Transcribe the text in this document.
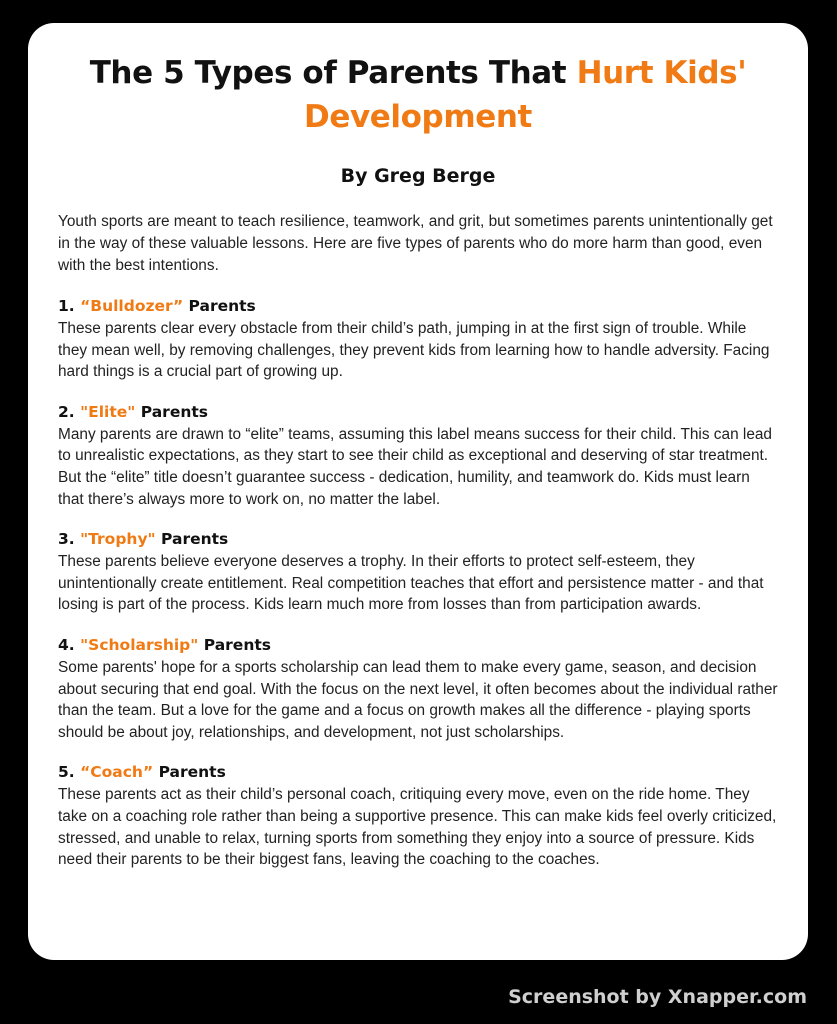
The 5 Types of Parents That Hurt Kids' Development
By Greg Berge

Youth sports are meant to teach resilience, teamwork, and grit, but sometimes parents unintentionally get in the way of these valuable lessons. Here are five types of parents who do more harm than good, even with the best intentions.

1. “Bulldozer” Parents

These parents clear every obstacle from their child’s path, jumping in at the first sign of trouble. While they mean well, by removing challenges, they prevent kids from learning how to handle adversity. Facing hard things is a crucial part of growing up.

2. "Elite" Parents

Many parents are drawn to “elite” teams, assuming this label means success for their child. This can lead to unrealistic expectations, as they start to see their child as exceptional and deserving of star treatment. But the “elite” title doesn’t guarantee success - dedication, humility, and teamwork do. Kids must learn that there’s always more to work on, no matter the label.

3. "Trophy" Parents

These parents believe everyone deserves a trophy. In their efforts to protect self-esteem, they unintentionally create entitlement. Real competition teaches that effort and persistence matter - and that losing is part of the process. Kids learn much more from losses than from participation awards.

4. "Scholarship" Parents

Some parents' hope for a sports scholarship can lead them to make every game, season, and decision about securing that end goal. With the focus on the next level, it often becomes about the individual rather than the team. But a love for the game and a focus on growth makes all the difference - playing sports should be about joy, relationships, and development, not just scholarships.

5. “Coach” Parents

These parents act as their child’s personal coach, critiquing every move, even on the ride home. They take on a coaching role rather than being a supportive presence. This can make kids feel overly criticized, stressed, and unable to relax, turning sports from something they enjoy into a source of pressure. Kids need their parents to be their biggest fans, leaving the coaching to the coaches.

Screenshot by Xnapper.com
